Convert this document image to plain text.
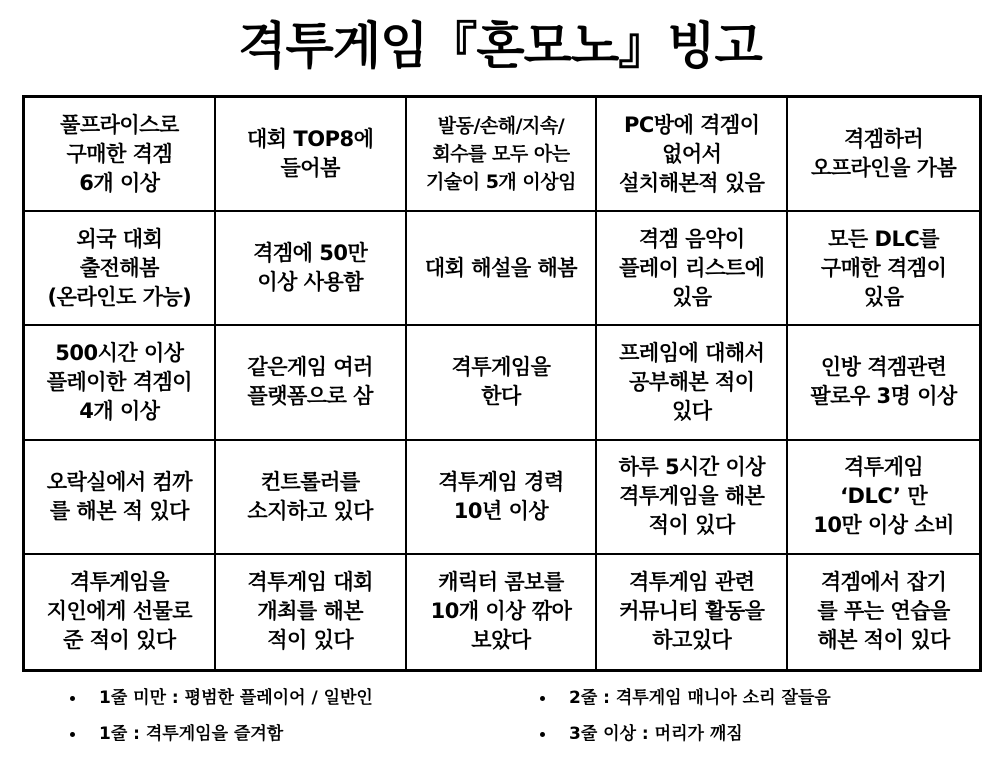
격투게임『혼모노』빙고
풀프라이스로
구매한 격겜
6개 이상
대회 TOP8에
들어봄
발동/손해/지속/
회수를 모두 아는
기술이 5개 이상임
PC방에 격겜이
없어서
설치해본적 있음
격겜하러
오프라인을 가봄
외국 대회
출전해봄
(온라인도 가능)
격겜에 50만
이상 사용함
대회 해설을 해봄
격겜 음악이
플레이 리스트에
있음
모든 DLC를
구매한 격겜이
있음
500시간 이상
플레이한 격겜이
4개 이상
같은게임 여러
플랫폼으로 삼
격투게임을
한다
프레임에 대해서
공부해본 적이
있다
인방 격겜관련
팔로우 3명 이상
오락실에서 컴까
를 해본 적 있다
컨트롤러를
소지하고 있다
격투게임 경력
10년 이상
하루 5시간 이상
격투게임을 해본
적이 있다
격투게임
‘DLC’ 만
10만 이상 소비
격투게임을
지인에게 선물로
준 적이 있다
격투게임 대회
개최를 해본
적이 있다
캐릭터 콤보를
10개 이상 깎아
보았다
격투게임 관련
커뮤니티 활동을
하고있다
격겜에서 잡기
를 푸는 연습을
해본 적이 있다
1줄 미만 : 평범한 플레이어 / 일반인
1줄 : 격투게임을 즐겨함
2줄 : 격투게임 매니아 소리 잘들음
3줄 이상 : 머리가 깨짐
